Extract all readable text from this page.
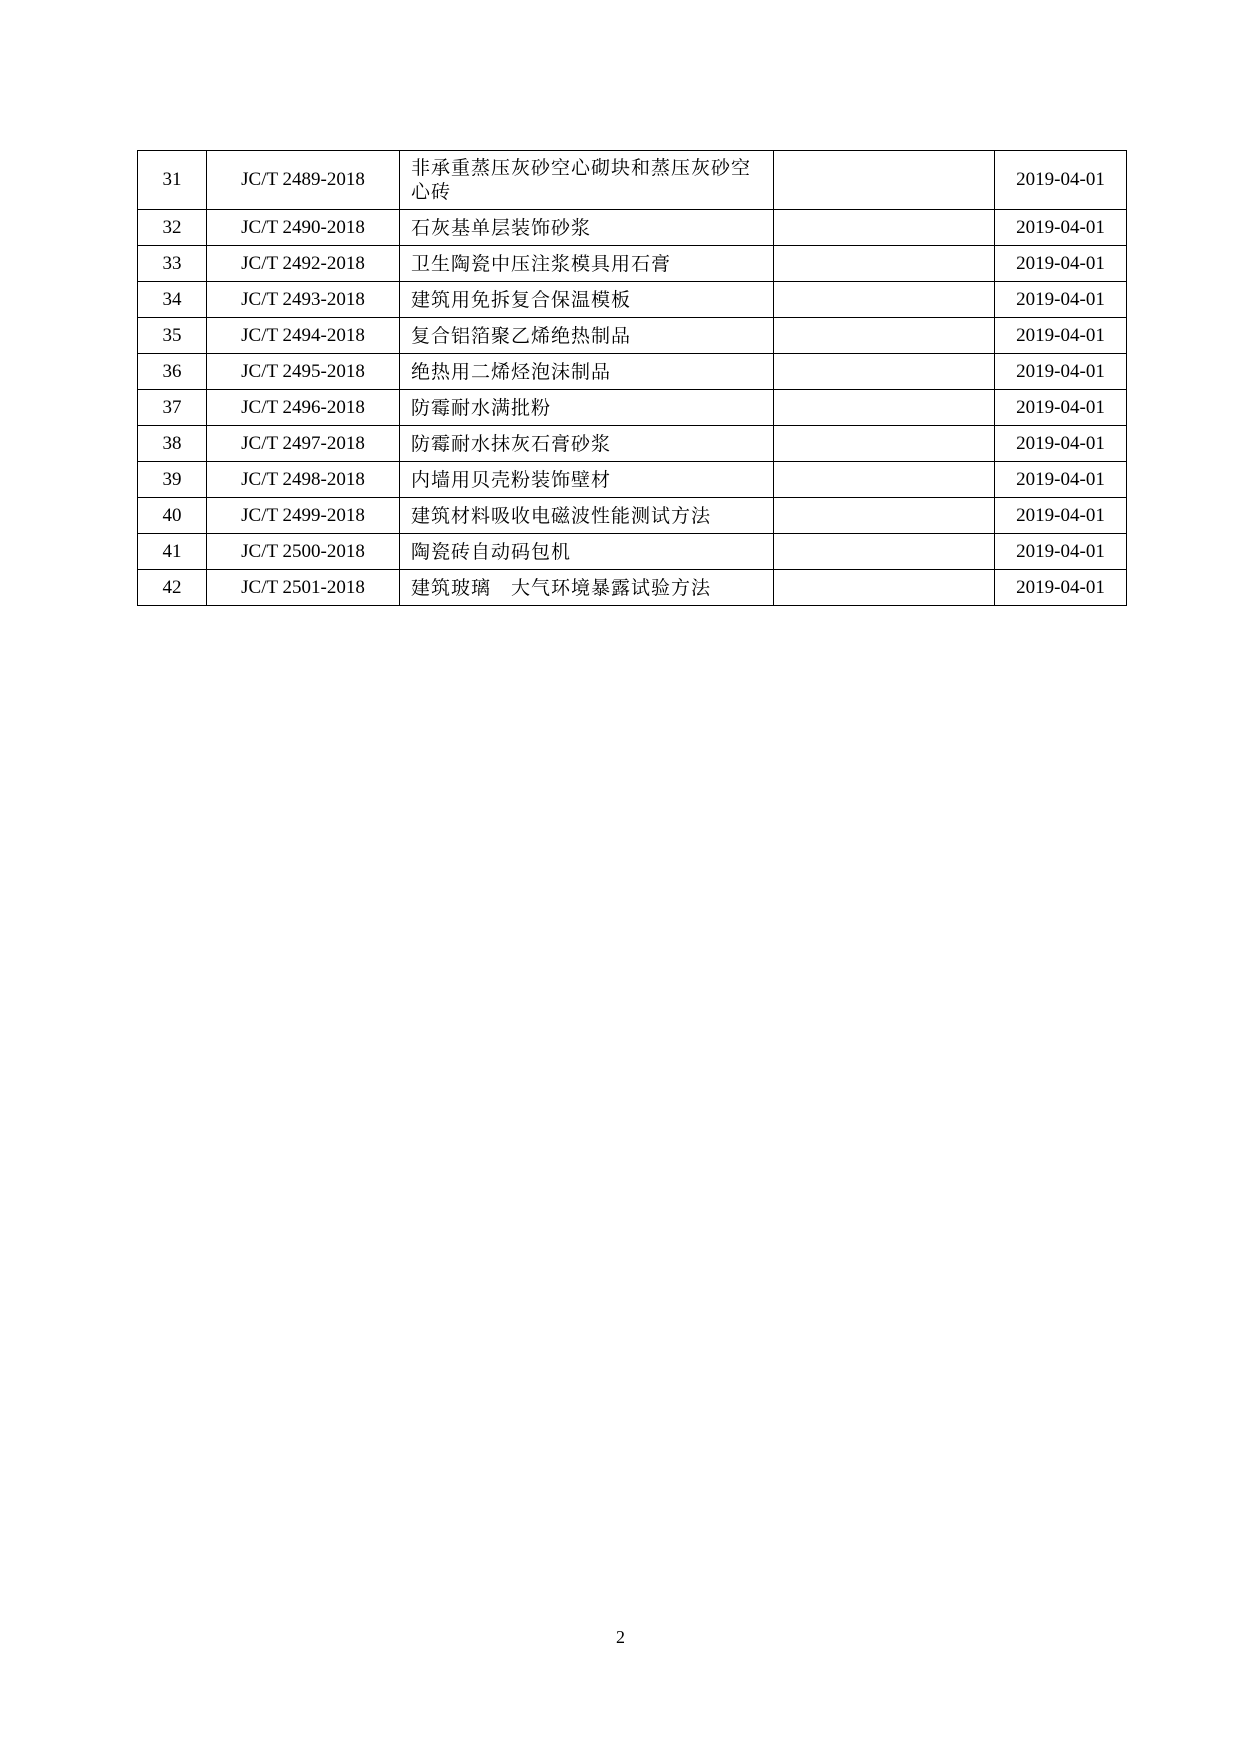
31	JC/T 2489-2018	非承重蒸压灰砂空心砌块和蒸压灰砂空心砖		2019-04-01
32	JC/T 2490-2018	石灰基单层装饰砂浆		2019-04-01
33	JC/T 2492-2018	卫生陶瓷中压注浆模具用石膏		2019-04-01
34	JC/T 2493-2018	建筑用免拆复合保温模板		2019-04-01
35	JC/T 2494-2018	复合铝箔聚乙烯绝热制品		2019-04-01
36	JC/T 2495-2018	绝热用二烯烃泡沫制品		2019-04-01
37	JC/T 2496-2018	防霉耐水满批粉		2019-04-01
38	JC/T 2497-2018	防霉耐水抹灰石膏砂浆		2019-04-01
39	JC/T 2498-2018	内墙用贝壳粉装饰壁材		2019-04-01
40	JC/T 2499-2018	建筑材料吸收电磁波性能测试方法		2019-04-01
41	JC/T 2500-2018	陶瓷砖自动码包机		2019-04-01
42	JC/T 2501-2018	建筑玻璃　大气环境暴露试验方法		2019-04-01
2
